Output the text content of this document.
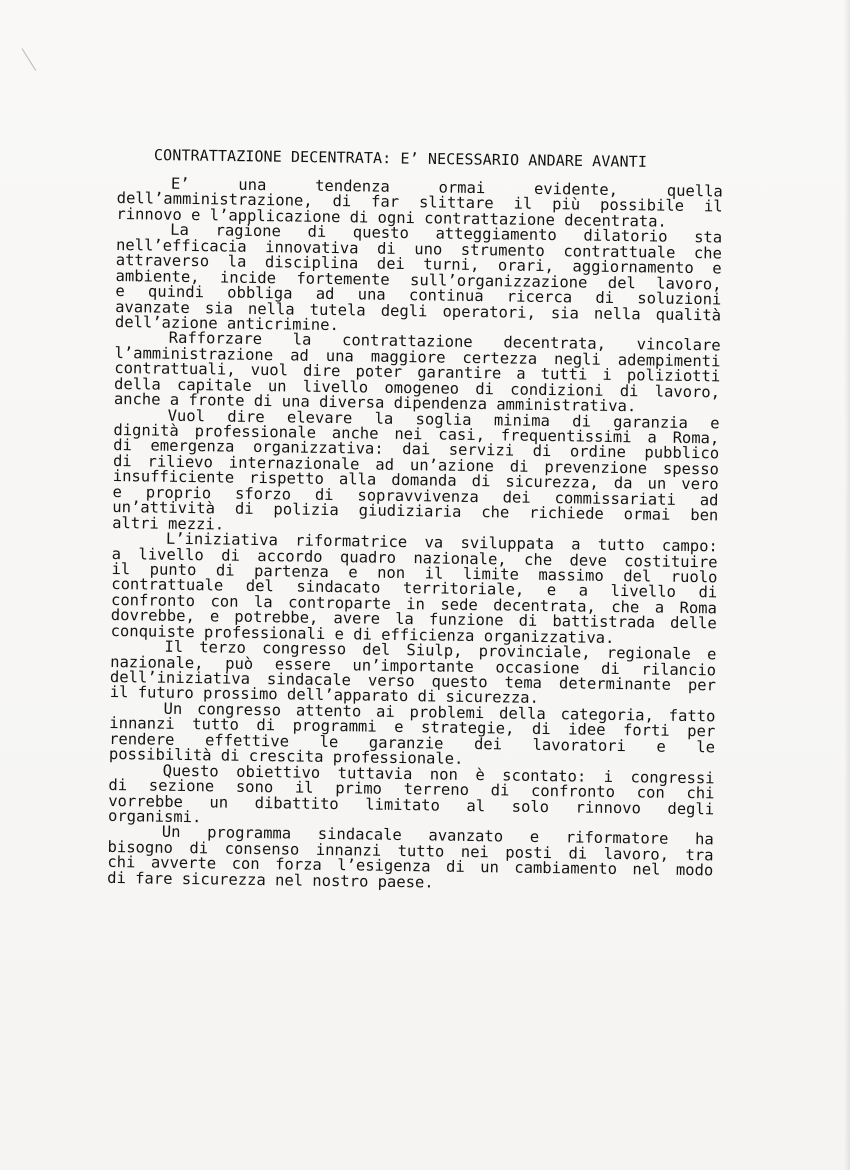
CONTRATTAZIONE DECENTRATA: E’ NECESSARIO ANDARE AVANTI
E’	una	tendenza	ormai	evidente,	quella
dell’amministrazione, di far slittare il più possibile il
rinnovo e l’applicazione di ogni contrattazione decentrata.
La ragione di questo atteggiamento dilatorio sta
nell’efficacia innovativa di uno strumento contrattuale che
attraverso la disciplina dei turni, orari, aggiornamento e
ambiente, incide fortemente sull’organizzazione del lavoro,
e quindi obbliga ad una continua ricerca di soluzioni
avanzate sia nella tutela degli operatori, sia nella qualità
dell’azione anticrimine.
Rafforzare la contrattazione decentrata, vincolare
l’amministrazione ad una maggiore certezza negli adempimenti
contrattuali, vuol dire poter garantire a tutti i poliziotti
della capitale un livello omogeneo di condizioni di lavoro,
anche a fronte di una diversa dipendenza amministrativa.
Vuol dire elevare la soglia minima di garanzia e
dignità professionale anche nei casi, frequentissimi a Roma,
di emergenza organizzativa: dai servizi di ordine pubblico
di rilievo internazionale ad un’azione di prevenzione spesso
insufficiente rispetto alla domanda di sicurezza, da un vero
e proprio sforzo di sopravvivenza dei commissariati ad
un’attività di polizia giudiziaria che richiede ormai ben
altri mezzi.
L’iniziativa riformatrice va sviluppata a tutto campo:
a livello di accordo quadro nazionale, che deve costituire
il punto di partenza e non il limite massimo del ruolo
contrattuale del sindacato territoriale, e a livello di
confronto con la controparte in sede decentrata, che a Roma
dovrebbe, e potrebbe, avere la funzione di battistrada delle
conquiste professionali e di efficienza organizzativa.
Il terzo congresso del Siulp, provinciale, regionale e
nazionale, può essere un’importante occasione di rilancio
dell’iniziativa sindacale verso questo tema determinante per
il futuro prossimo dell’apparato di sicurezza.
Un congresso attento ai problemi della categoria, fatto
innanzi tutto di programmi e strategie, di idee forti per
rendere effettive le garanzie dei lavoratori e le
possibilità di crescita professionale.
Questo obiettivo tuttavia non è scontato: i congressi
di sezione sono il primo terreno di confronto con chi
vorrebbe un dibattito limitato al solo rinnovo degli
organismi.
Un programma sindacale avanzato e riformatore ha
bisogno di consenso innanzi tutto nei posti di lavoro, tra
chi avverte con forza l’esigenza di un cambiamento nel modo
di fare sicurezza nel nostro paese.
